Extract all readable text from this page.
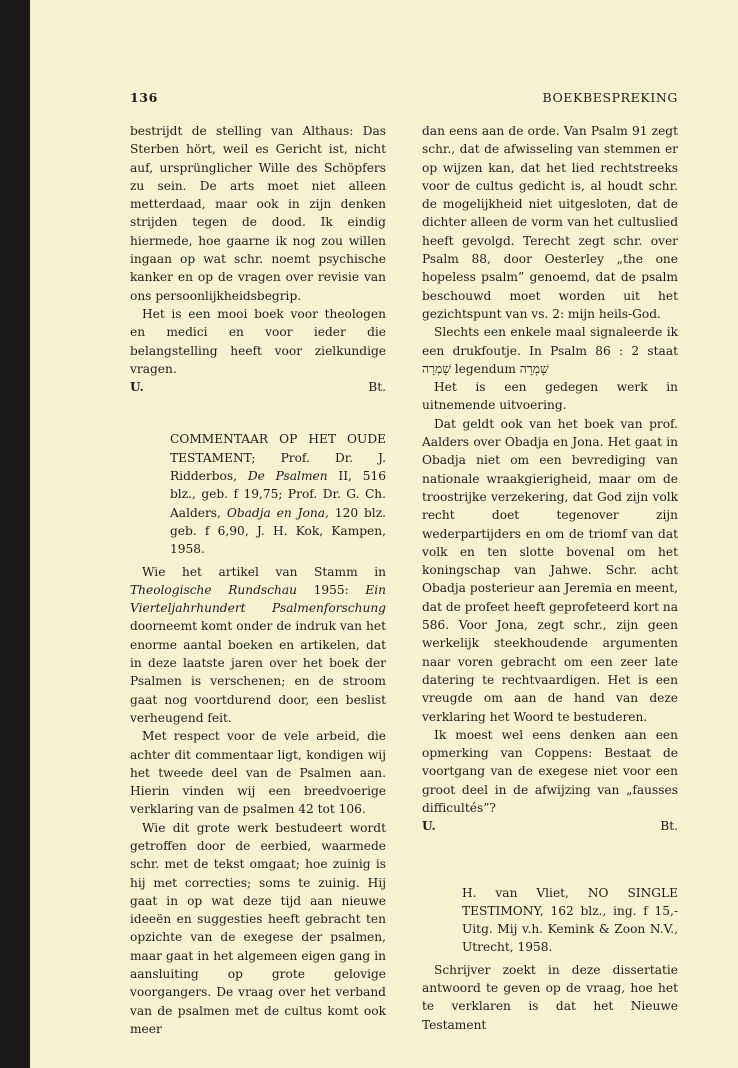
136	BOEKBESPREKING

bestrijdt de stelling van Althaus: Das Sterben hört, weil es Gericht ist, nicht auf, ursprünglicher Wille des Schöpfers zu sein. De arts moet niet alleen metterdaad, maar ook in zijn denken strijden tegen de dood. Ik eindig hiermede, hoe gaarne ik nog zou willen ingaan op wat schr. noemt psychische kanker en op de vragen over revisie van ons persoonlijkheidsbegrip.

Het is een mooi boek voor theologen en medici en voor ieder die belangstelling heeft voor zielkundige vragen.

U.	Bt.
COMMENTAAR OP HET OUDE TESTAMENT; Prof. Dr. J. Ridderbos, De Psalmen II, 516 blz., geb. f 19,75; Prof. Dr. G. Ch. Aalders, Obadja en Jona, 120 blz. geb. f 6,90, J. H. Kok, Kampen, 1958.

Wie het artikel van Stamm in Theologische Rundschau 1955: Ein Vierteljahrhundert Psalmenforschung doorneemt komt onder de indruk van het enorme aantal boeken en artikelen, dat in deze laatste jaren over het boek der Psalmen is verschenen; en de stroom gaat nog voortdurend door, een beslist verheugend feit.

Met respect voor de vele arbeid, die achter dit commentaar ligt, kondigen wij het tweede deel van de Psalmen aan. Hierin vinden wij een breedvoerige verklaring van de psalmen 42 tot 106.

Wie dit grote werk bestudeert wordt getroffen door de eerbied, waarmede schr. met de tekst omgaat; hoe zuinig is hij met correcties; soms te zuinig. Hij gaat in op wat deze tijd aan nieuwe ideeën en suggesties heeft gebracht ten opzichte van de exegese der psalmen, maar gaat in het algemeen eigen gang in aansluiting op grote gelovige voorgangers. De vraag over het verband van de psalmen met de cultus komt ook meer

dan eens aan de orde. Van Psalm 91 zegt schr., dat de afwisseling van stemmen er op wijzen kan, dat het lied rechtstreeks voor de cultus gedicht is, al houdt schr. de mogelijkheid niet uitgesloten, dat de dichter alleen de vorm van het cultuslied heeft gevolgd. Terecht zegt schr. over Psalm 88, door Oesterley „the one hopeless psalm” genoemd, dat de psalm beschouwd moet worden uit het gezichtspunt van vs. 2: mijn heils-God.

Slechts een enkele maal signaleerde ik een drukfoutje. In Psalm 86 : 2 staat שָׁמְרָה legendum שָׁמְרָה

Het is een gedegen werk in uitnemende uitvoering.

Dat geldt ook van het boek van prof. Aalders over Obadja en Jona. Het gaat in Obadja niet om een bevrediging van nationale wraakgierigheid, maar om de troostrijke verzekering, dat God zijn volk recht doet tegenover zijn wederpartijders en om de triomf van dat volk en ten slotte bovenal om het koningschap van Jahwe. Schr. acht Obadja posterieur aan Jeremia en meent, dat de profeet heeft geprofeteerd kort na 586. Voor Jona, zegt schr., zijn geen werkelijk steekhoudende argumenten naar voren gebracht om een zeer late datering te rechtvaardigen. Het is een vreugde om aan de hand van deze verklaring het Woord te bestuderen.

Ik moest wel eens denken aan een opmerking van Coppens: Bestaat de voortgang van de exegese niet voor een groot deel in de afwijzing van „fausses difficultés”?

U.	Bt.
H. van Vliet, NO SINGLE TESTIMONY, 162 blz., ing. f 15,-Uitg. Mij v.h. Kemink & Zoon N.V., Utrecht, 1958.

Schrijver zoekt in deze dissertatie antwoord te geven op de vraag, hoe het te verklaren is dat het Nieuwe Testament
